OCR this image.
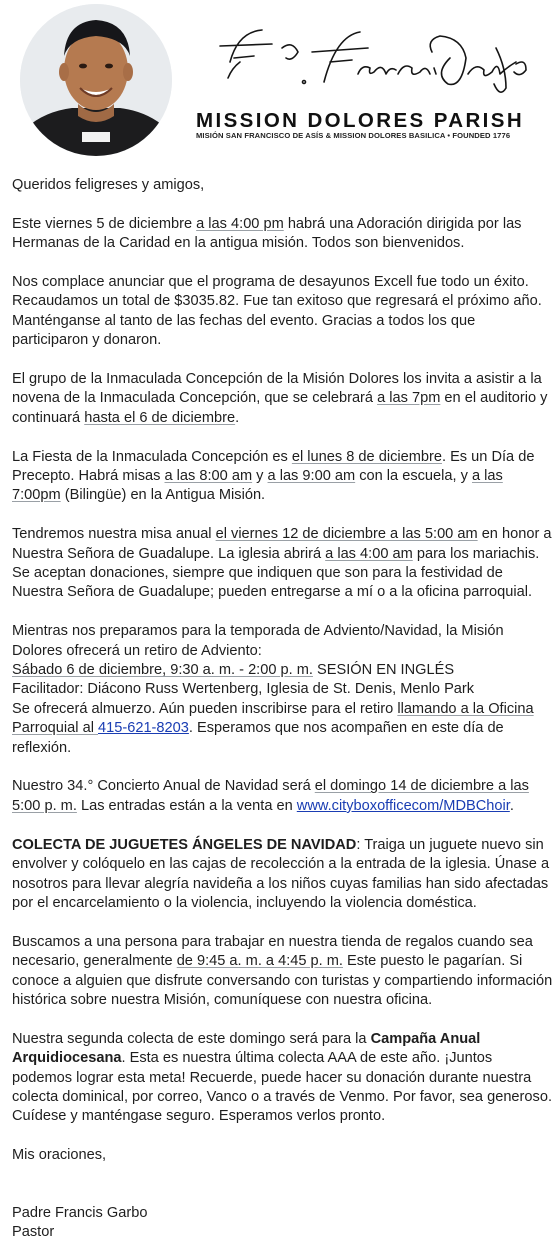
MISSION DOLORES PARISH
MISIÓN SAN FRANCISCO DE ASÍS & MISSION DOLORES BASILICA • FOUNDED 1776

Queridos feligreses y amigos,

Este viernes 5 de diciembre a las 4:00 pm habrá una Adoración dirigida por las Hermanas de la Caridad en la antigua misión. Todos son bienvenidos.

Nos complace anunciar que el programa de desayunos Excell fue todo un éxito. Recaudamos un total de $3035.82. Fue tan exitoso que regresará el próximo año. Manténganse al tanto de las fechas del evento. Gracias a todos los que participaron y donaron.

El grupo de la Inmaculada Concepción de la Misión Dolores los invita a asistir a la novena de la Inmaculada Concepción, que se celebrará a las 7pm en el auditorio y continuará hasta el 6 de diciembre.

La Fiesta de la Inmaculada Concepción es el lunes 8 de diciembre. Es un Día de Precepto. Habrá misas a las 8:00 am y a las 9:00 am con la escuela, y a las 7:00pm (Bilingüe) en la Antigua Misión.

Tendremos nuestra misa anual el viernes 12 de diciembre a las 5:00 am en honor a Nuestra Señora de Guadalupe. La iglesia abrirá a las 4:00 am para los mariachis. Se aceptan donaciones, siempre que indiquen que son para la festividad de Nuestra Señora de Guadalupe; pueden entregarse a mí o a la oficina parroquial.

Mientras nos preparamos para la temporada de Adviento/Navidad, la Misión Dolores ofrecerá un retiro de Adviento:
Sábado 6 de diciembre, 9:30 a. m. - 2:00 p. m. SESIÓN EN INGLÉS
Facilitador: Diácono Russ Wertenberg, Iglesia de St. Denis, Menlo Park
Se ofrecerá almuerzo. Aún pueden inscribirse para el retiro llamando a la Oficina Parroquial al 415-621-8203. Esperamos que nos acompañen en este día de reflexión.

Nuestro 34.° Concierto Anual de Navidad será el domingo 14 de diciembre a las 5:00 p. m. Las entradas están a la venta en www.cityboxofficecom/MDBChoir.

COLECTA DE JUGUETES ÁNGELES DE NAVIDAD: Traiga un juguete nuevo sin envolver y colóquelo en las cajas de recolección a la entrada de la iglesia. Únase a nosotros para llevar alegría navideña a los niños cuyas familias han sido afectadas por el encarcelamiento o la violencia, incluyendo la violencia doméstica.

Buscamos a una persona para trabajar en nuestra tienda de regalos cuando sea necesario, generalmente de 9:45 a. m. a 4:45 p. m. Este puesto le pagarían. Si conoce a alguien que disfrute conversando con turistas y compartiendo información histórica sobre nuestra Misión, comuníquese con nuestra oficina.

Nuestra segunda colecta de este domingo será para la Campaña Anual Arquidiocesana. Esta es nuestra última colecta AAA de este año. ¡Juntos podemos lograr esta meta! Recuerde, puede hacer su donación durante nuestra colecta dominical, por correo, Vanco o a través de Venmo. Por favor, sea generoso. Cuídese y manténgase seguro. Esperamos verlos pronto.

Mis oraciones,

Padre Francis Garbo
Pastor
